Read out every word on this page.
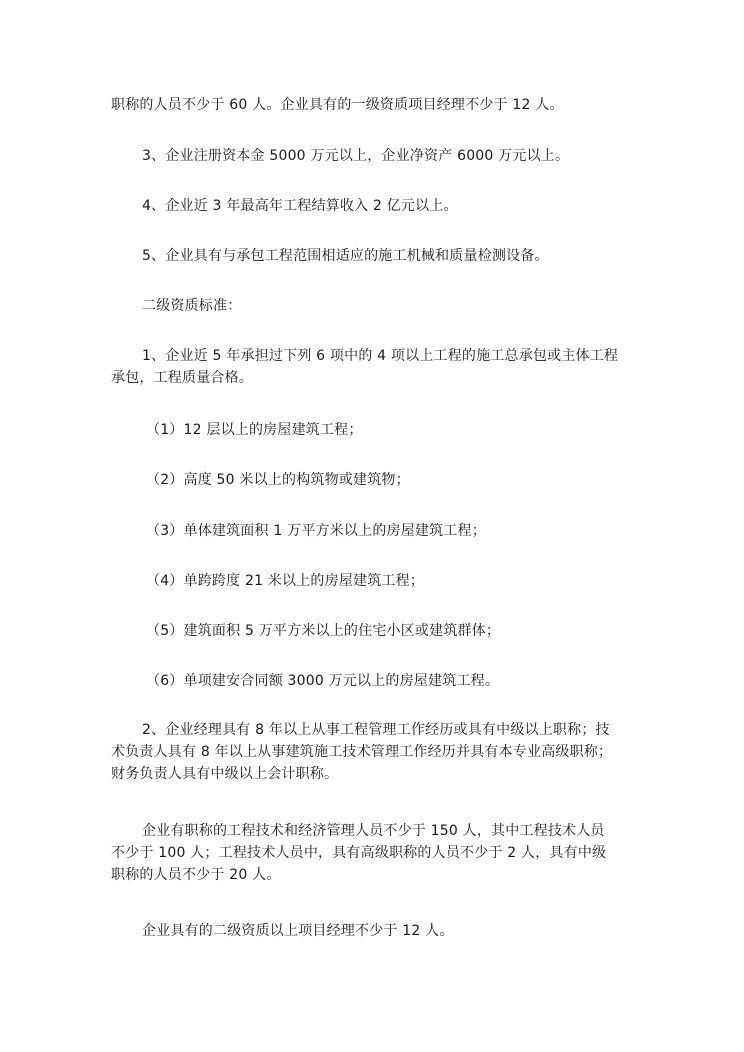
职称的人员不少于 60 人。企业具有的一级资质项目经理不少于 12 人。

3、企业注册资本金 5000 万元以上，企业净资产 6000 万元以上。

4、企业近 3 年最高年工程结算收入 2 亿元以上。

5、企业具有与承包工程范围相适应的施工机械和质量检测设备。

二级资质标准：

1、企业近 5 年承担过下列 6 项中的 4 项以上工程的施工总承包或主体工程
承包，工程质量合格。

（1）12 层以上的房屋建筑工程；

（2）高度 50 米以上的构筑物或建筑物；

（3）单体建筑面积 1 万平方米以上的房屋建筑工程；

（4）单跨跨度 21 米以上的房屋建筑工程；

（5）建筑面积 5 万平方米以上的住宅小区或建筑群体；

（6）单项建安合同额 3000 万元以上的房屋建筑工程。

2、企业经理具有 8 年以上从事工程管理工作经历或具有中级以上职称；技
术负责人具有 8 年以上从事建筑施工技术管理工作经历并具有本专业高级职称；
财务负责人具有中级以上会计职称。

企业有职称的工程技术和经济管理人员不少于 150 人，其中工程技术人员
不少于 100 人；工程技术人员中，具有高级职称的人员不少于 2 人，具有中级
职称的人员不少于 20 人。

企业具有的二级资质以上项目经理不少于 12 人。
